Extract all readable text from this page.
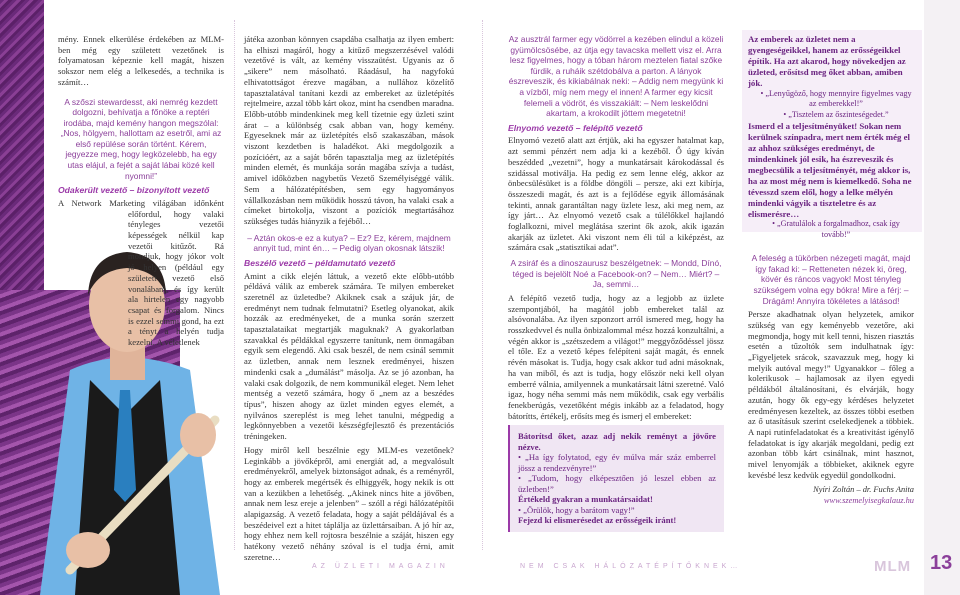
mény. Ennek elkerülése érdekében az MLM-ben még egy született vezetőnek is folyamatosan képeznie kell magát, hiszen sokszor nem elég a lelkesedés, a technika is számít…

A szőszi stewardesst, aki nemrég kezdett dolgozni, behívatja a főnöke a reptéri irodába, majd kemény hangon megszólal: „Nos, hölgyem, hallottam az esetről, ami az első repülése során történt. Kérem, jegyezze meg, hogy legközelebb, ha egy utas elájul, a fejét a saját lábai közé kell nyomni!”

Odakerült vezető – bizonyított vezető

A Network Marketing világában időnként előfordul, hogy valaki tényleges vezetői képességek nélkül kap vezetői kitűzőt. Rá mondjuk, hogy jókor volt jó helyen (például egy született vezető első vonalában), és így került ala hirtelen egy nagyobb csapat és forgalom. Nincs is ezzel semmi gond, ha ezt a tényt a helyén tudja kezelni. A véletlenek

játéka azonban könnyen csapdába csalhatja az ilyen embert: ha elhiszi magáról, hogy a kitűző megszerzésével valódi vezetővé is vált, az kemény visszaütést. Ugyanis az ő „sikere” nem másolható. Ráadásul, ha nagyfokú elhivatottságot érezve magában, a nullához közelítő tapasztalatával tanítani kezdi az embereket az üzletépítés rejtelmeire, azzal több kárt okoz, mint ha csendben maradna. Előbb-utóbb mindenkinek meg kell tízetnie egy üzleti szint árat – a különbség csak abban van, hogy kemény. Egyeseknek már az üzletépítés első szakaszában, mások viszont kezdetben is haladékot. Aki megdolgozik a pozícióért, az a saját bőrén tapasztalja meg az üzletépítés minden elemét, és munkája során magába szívja a tudást, amivel időközben nagybetűs Vezető Személyiséggé válik. Sem a hálózatépítésben, sem egy hagyományos vállalkozásban nem működik hosszú távon, ha valaki csak a címeket birtokolja, viszont a pozíciók megtartásához szükséges tudás hiányzik a fejéből…

– Aztán okos-e ez a kutya? – Ez? Ez, kérem, majdnem annyit tud, mint én… – Pedig olyan okosnak látszik!

Beszélő vezető – példamutató vezető

Amint a cikk elején láttuk, a vezető ekte előbb-utóbb példává válik az emberek számára. Te milyen embereket szeretnél az üzletedbe? Akiknek csak a szájuk jár, de eredményt nem tudnak felmutatni? Esetleg olyanokat, akik hozzák az eredményeket, de a munka során szerzett tapasztalataikat megtartják maguknak? A gyakorlatban szavakkal és példákkal egyszerre tanítunk, nem önmagában egyik sem elegendő. Aki csak beszél, de nem csinál semmit az üzletben, annak nem lesznek eredményei, hiszen mindenki csak a „dumálást” másolja. Az se jó azonban, ha valaki csak dolgozik, de nem kommunikál eleget. Nem lehet mentség a vezető számára, hogy ő „nem az a beszédes típus”, hiszen ahogy az üzlet minden egyes elemét, a nyilvános szereplést is meg lehet tanulni, mégpedig a legkönnyebben a vezetői készségfejlesztő és prezentációs tréningeken.

Hogy miről kell beszélnie egy MLM-es vezetőnek? Leginkább a jövőképről, ami energiát ad, a megvalósult eredményekről, amelyek biztonságot adnak, és a reményről, hogy az emberek megértsék és elhiggyék, hogy nekik is ott van a kezükben a lehetőség. „Akinek nincs hite a jövőben, annak nem lesz ereje a jelenben” – szóll a régi hálózatépítői alapigazság. A vezető feladata, hogy a saját példájával és a beszédeivel ezt a hitet táplálja az üzlettársaiban. A jó hír az, hogy ehhez nem kell rojtosra beszélnie a száját, hiszen egy hatékony vezető néhány szóval is el tudja érni, amit szeretne…

Az ausztrál farmer egy vödörrel a kezében elindul a közeli gyümölcsösébe, az útja egy tavacska mellett visz el. Arra lesz figyelmes, hogy a tóban három meztelen fiatal szőke fürdik, a ruháik szétdobálva a parton. A lányok észreveszik, és kikiabálnak neki: – Addig nem megyünk ki a vízből, míg nem megy el innen! A farmer egy kicsit felemeli a vödröt, és visszakiált: – Nem leskelődni akartam, a krokodilt jöttem megetetni!

Elnyomó vezető – felépítő vezető

Elnyomó vezető alatt azt értjük, aki ha egyszer hatalmat kap, azt semmi pénzért nem adja ki a kezéből. Ő úgy kíván beszédded „vezetni”, hogy a munkatársait károkodással és szidással motiválja. Ha pedig ez sem lenne elég, akkor az önbecsülésüket is a földbe döngöli – persze, aki ezt kibírja, összeszedi magát, és azt is a fejlődése egyik állomásának tekinti, annak garantáltan nagy üzlete lesz, aki meg nem, az így járt… Az elnyomó vezető csak a túlélőkkel hajlandó foglalkozni, mivel meglátása szerint ők azok, akik igazán akarják az üzletet. Aki viszont nem éli túl a kiképzést, az számára csak „statisztikai adat”.

A zsiráf és a dinoszaurusz beszélgetnek: – Mondd, Dínó, téged is bejelölt Noé a Facebook-on? – Nem… Miért? – Ja, semmi…

A felépítő vezető tudja, hogy az a legjobb az üzlete szempontjából, ha magától jobb embereket talál az alsóvonalába. Az ilyen szponzort arról ismered meg, hogy ha rosszkedvvel és nulla önbizalommal mész hozzá konzultálni, a végén akkor is „szétszedem a világot!” meggyőződéssel jössz el tőle. Ez a vezető képes felépíteni saját magát, és ennek révén másokat is. Tudja, hogy csak akkor tud adni másoknak, ha van miből, és azt is tudja, hogy először neki kell olyan emberré válnia, amilyennek a munkatársait látni szeretné. Való igaz, hogy néha semmi más nem működik, csak egy verbális fenekberúgás, vezetőként mégis inkább az a feladatod, hogy bátorítts, értékelj, erősíts meg és ismerj el embereket:

Bátorítsd őket, azaz adj nekik reményt a jövőre nézve.
• „Ha így folytatod, egy év múlva már száz emberrel jössz a rendezvényre!”
• „Tudom, hogy elképesztően jó leszel ebben az üzletben!”
Értékeld gyakran a munkatársaidat!
• „Örülök, hogy a barátom vagy!”
Fejezd ki elismerésedet az erősségeik iránt!
Az emberek az üzletet nem a gyengeségeikkel, hanem az erősségeikkel építik. Ha azt akarod, hogy növekedjen az üzleted, erősítsd meg őket abban, amiben jók.
• „Lenyűgöző, hogy mennyire figyelmes vagy az emberekkel!”
• „Tisztelem az őszinteségedet.”
Ismerd el a teljesítményüket! Sokan nem kerülnek színpadra, mert nem érték még el az ahhoz szükséges eredményt, de mindenkinek jól esik, ha észreveszik és megbecsülik a teljesítményét, még akkor is, ha az most még nem is kiemelkedő. Soha ne tévesszd szem elől, hogy a lelke mélyén mindenki vágyik a tiszteletre és az elismerésre…
• „Gratulálok a forgalmadhoz, csak így tovább!”

A feleség a tükörben nézegeti magát, majd így fakad ki: – Retteneten nézek ki, öreg, kövér és ráncos vagyok! Most tényleg szükségem volna egy bókra! Mire a férj: – Drágám! Annyira tökéletes a látásod!

Persze akadhatnak olyan helyzetek, amikor szükség van egy keményebb vezetőre, aki megmondja, hogy mit kell tenni, hiszen riasztás esetén a tűzoltók sem indulhatnak így: „Figyeljetek srácok, szavazzuk meg, hogy ki melyik autóval megy!” Ugyanakkor – főleg a kolerikusok – hajlamosak az ilyen egyedi példákból általánosítani, és elvárják, hogy azután, hogy ők egy-egy kérdéses helyzetet eredményesen kezeltek, az összes többi esetben az ő utasításuk szerint cselekedjenek a többiek. A napi rutinfeladatokat és a kreativitást igénylő feladatokat is így akarják megoldani, pedig ezt azonban több kárt csinálnak, mint hasznot, mivel lenyomják a többieket, akiknek egyre kevésbé lesz kedvük egyedül gondolkodni.

Nyíri Zoltán – dr. Fuchs Anita
www.szemelyisegkalauz.hu
AZ ÜZLETI MAGAZIN	NEM CSAK HÁLÓZATÉPÍTŐKNEK…	MLM 13
